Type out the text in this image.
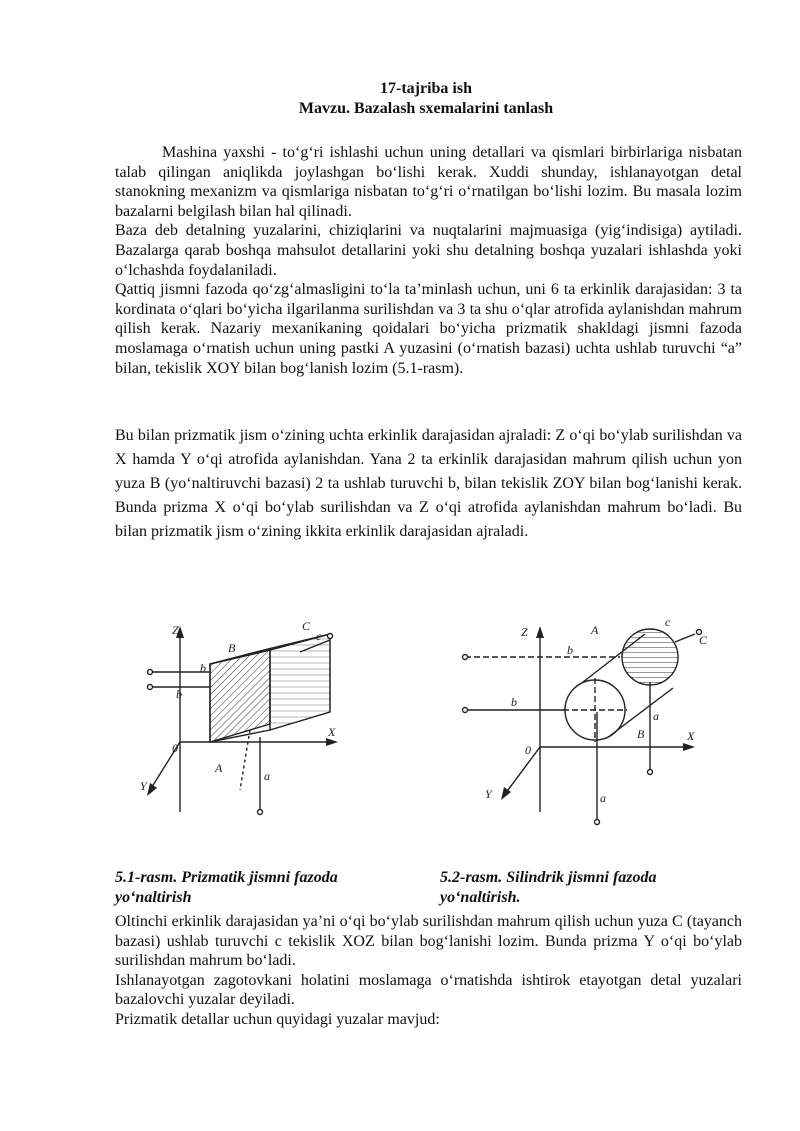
17-tajriba ish
Mavzu. Bazalash sxemalarini tanlash

Mashina yaxshi - to‘g‘ri ishlashi uchun uning detallari va qismlari birbirlariga nisbatan talab qilingan aniqlikda joylashgan bo‘lishi kerak. Xuddi shunday, ishlanayotgan detal stanokning mexanizm va qismlariga nisbatan to‘g‘ri o‘rnatilgan bo‘lishi lozim. Bu masala lozim bazalarni belgilash bilan hal qilinadi.

Baza deb detalning yuzalarini, chiziqlarini va nuqtalarini majmuasiga (yig‘indisiga) aytiladi. Bazalarga qarab boshqa mahsulot detallarini yoki shu detalning boshqa yuzalari ishlashda yoki o‘lchashda foydalaniladi.

Qattiq jismni fazoda qo‘zg‘almasligini to‘la ta’minlash uchun, uni 6 ta erkinlik darajasidan: 3 ta kordinata o‘qlari bo‘yicha ilgarilanma surilishdan va 3 ta shu o‘qlar atrofida aylanishdan mahrum qilish kerak. Nazariy mexanikaning qoidalari bo‘yicha prizmatik shakldagi jismni fazoda moslamaga o‘rnatish uchun uning pastki A yuzasini (o‘rnatish bazasi) uchta ushlab turuvchi “a” bilan, tekislik XOY bilan bog‘lanish lozim (5.1-rasm).

Bu bilan prizmatik jism o‘zining uchta erkinlik darajasidan ajraladi: Z o‘qi bo‘ylab surilishdan va X hamda Y o‘qi atrofida aylanishdan. Yana 2 ta erkinlik darajasidan mahrum qilish uchun yon yuza B (yo‘naltiruvchi bazasi) 2 ta ushlab turuvchi b, bilan tekislik ZOY bilan bog‘lanishi kerak. Bunda prizma X o‘qi bo‘ylab surilishdan va Z o‘qi atrofida aylanishdan mahrum bo‘ladi. Bu bilan prizmatik jism o‘zining ikkita erkinlik darajasidan ajraladi.

Z
X
Y
0
a
b
b
C
c
A
B
Z
X
Y
0
a
a
b
b
c
C
A
B
5.1-rasm. Prizmatik jismni fazoda yo‘naltirish
5.2-rasm. Silindrik jismni fazoda yo‘naltirish.

Oltinchi erkinlik darajasidan ya’ni o‘qi bo‘ylab surilishdan mahrum qilish uchun yuza C (tayanch bazasi) ushlab turuvchi c tekislik XOZ bilan bog‘lanishi lozim. Bunda prizma Y o‘qi bo‘ylab surilishdan mahrum bo‘ladi.

Ishlanayotgan zagotovkani holatini moslamaga o‘rnatishda ishtirok etayotgan detal yuzalari bazalovchi yuzalar deyiladi.

Prizmatik detallar uchun quyidagi yuzalar mavjud:
